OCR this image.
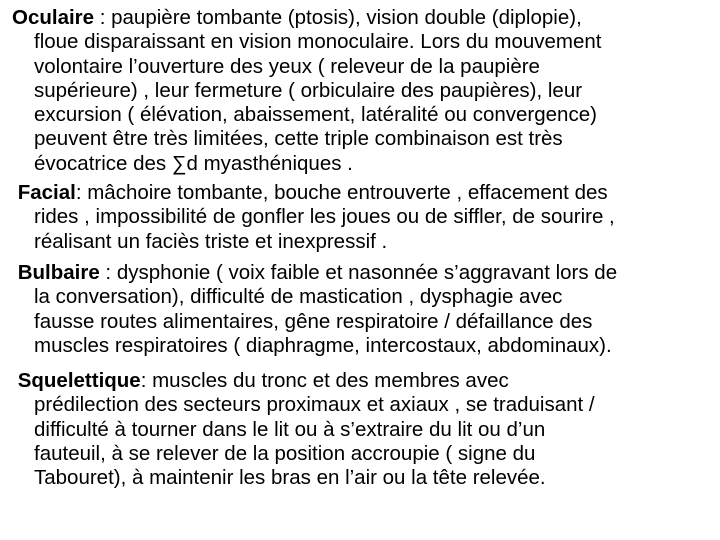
Oculaire : paupière tombante (ptosis), vision double (diplopie),
floue disparaissant en vision monoculaire. Lors du mouvement
volontaire l’ouverture des yeux ( releveur de la paupière
supérieure) , leur fermeture ( orbiculaire des paupières), leur
excursion ( élévation, abaissement, latéralité ou convergence)
peuvent être très limitées, cette triple combinaison est très
évocatrice des ∑d myasthéniques .
Facial: mâchoire tombante, bouche entrouverte , effacement des
rides , impossibilité de gonfler les joues ou de siffler, de sourire ,
réalisant un faciès triste et inexpressif .
Bulbaire : dysphonie ( voix faible et nasonnée s’aggravant lors de
la conversation), difficulté de mastication , dysphagie avec
fausse routes alimentaires, gêne respiratoire / défaillance des
muscles respiratoires ( diaphragme, intercostaux, abdominaux).
Squelettique: muscles du tronc et des membres avec
prédilection des secteurs proximaux et axiaux , se traduisant /
difficulté à tourner dans le lit ou à s’extraire du lit ou d’un
fauteuil, à se relever de la position accroupie ( signe du
Tabouret), à maintenir les bras en l’air ou la tête relevée.
